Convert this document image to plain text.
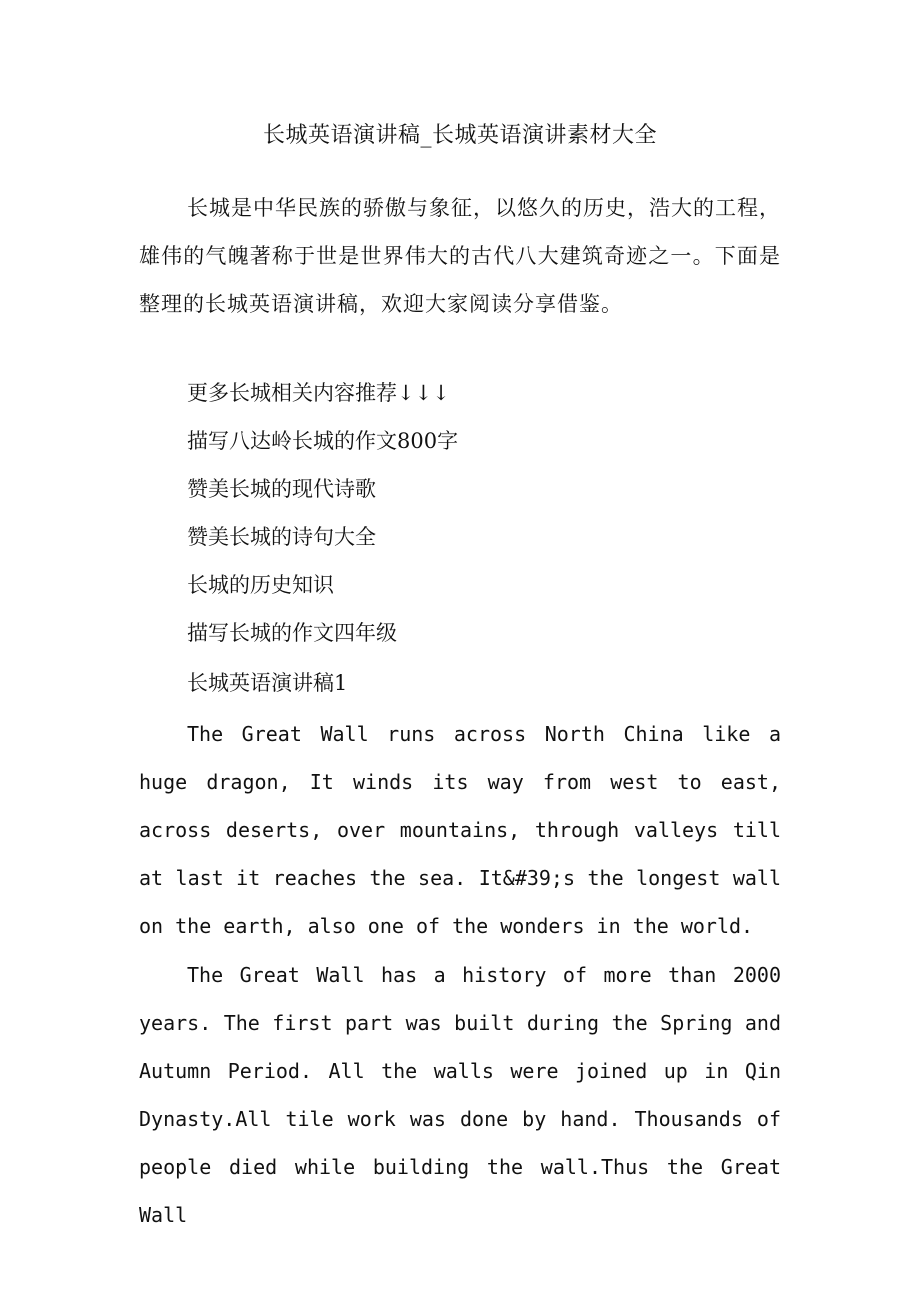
长城英语演讲稿_长城英语演讲素材大全

长城是中华民族的骄傲与象征，以悠久的历史，浩大的工程，雄伟的气魄著称于世是世界伟大的古代八大建筑奇迹之一。下面是整理的长城英语演讲稿，欢迎大家阅读分享借鉴。

更多长城相关内容推荐↓↓↓
描写八达岭长城的作文800字
赞美长城的现代诗歌
赞美长城的诗句大全
长城的历史知识
描写长城的作文四年级

长城英语演讲稿1

The Great Wall runs across North China like a huge dragon, It winds its way from west to east, across deserts, over mountains, through valleys till at last it reaches the sea. It&#39;s the longest wall on the earth, also one of the wonders in the world.

The Great Wall has a history of more than 2000 years. The first part was built during the Spring and Autumn Period. All the walls were joined up in Qin Dynasty.All tile work was done by hand. Thousands of people died while building the wall.Thus the Great Wall
